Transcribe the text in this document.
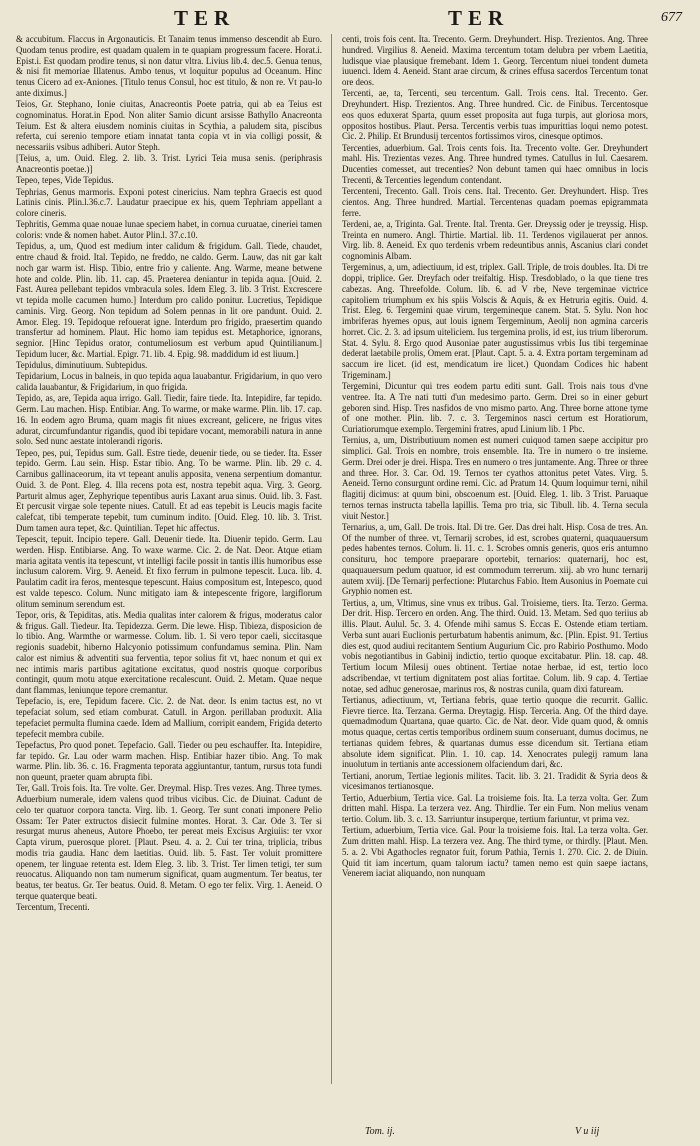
TER	TER	677

& accubitum. Flaccus in Argonauticis. Et Tanaim tenus immenso descendit ab Euro. Quodam tenus prodire, est quadam qualem in te quapiam progressum facere. Horat.i. Epist.i. Est quodam prodire tenus, si non datur vltra. Livius lib.4. dec.5. Genua tenus, & nisi fit memoriae Illatenus. Ambo tenus, vt loquitur populus ad Oceanum. Hinc tenus Cicero ad ex-Aniones. [Titulo tenus Consul, hoc est titulo, & non re. Vt pau-lo ante diximus.]

Teios, Gr. Stephano, Ionie ciuitas, Anacreontis Poete patria, qui ab ea Teius est cognominatus. Horat.in Epod. Non aliter Samio dicunt arsisse Bathyllo Anacreonta Teium. Est & altera eiusdem nominis ciuitas in Scythia, a paludem sita, piscibus referta, cui serenio tempore etiam innatat tanta copia vt in via colligi possit, & necessariis vsibus adhiberi. Autor Steph.

[Teius, a, um. Ouid. Eleg. 2. lib. 3. Trist. Lyrici Teia musa senis. (periphrasis Anacreontis poetae.)]

Tepeo, tepes, Vide Tepidus.

Tephrias, Genus marmoris. Exponi potest cinericius. Nam tephra Graecis est quod Latinis cinis. Plin.l.36.c.7. Laudatur praecipue ex his, quem Tephriam appellant a colore cineris.

Tephritis, Gemma quae nouae lunae speciem habet, in cornua curuatae, cineriei tamen coloris: vnde & nomen habet. Autor Plin.l. 37.c.10.

Tepidus, a, um, Quod est medium inter calidum & frigidum. Gall. Tiede, chaudet, entre chaud & froid. Ital. Tepido, ne freddo, ne caldo. Germ. Lauw, das nit gar kalt noch gar warm ist. Hisp. Tibio, entre frio y caliente. Ang. Warme, meane betwene hote and colde. Plin. lib. 11. cap. 45. Praeterea deniantur in tepida aqua. [Ouid. 2. Fast. Aurea pellebant tepidos vmbracula soles. Idem Eleg. 3. lib. 3 Trist. Excrescere vt tepida molle cacumen humo.] Interdum pro calido ponitur. Lucretius, Tepidique caminis. Virg. Georg. Non tepidum ad Solem pennas in lit ore pandunt. Ouid. 2. Amor. Eleg. 19. Tepidoque refouerat igne. Interdum pro frigido, praesertim quando transfertur ad hominem. Plaut. Hic homo iam tepidus est. Metaphorice, ignorans, segnior. [Hinc Tepidus orator, contumeliosum est verbum apud Quintilianum.] Tepidum lucer, &c. Martial. Epigr. 71. lib. 4. Epig. 98. maddidum id est liuum.]

Tepidulus, diminutiuum. Subtepidus.

Tepidarium, Locus in balneis, in quo tepida aqua lauabantur. Frigidarium, in quo vero calida lauabantur, & Frigidarium, in quo frigida.

Tepido, as, are, Tepida aqua irrigo. Gall. Tiedir, faire tiede. Ita. Intepidire, far tepido. Germ. Lau machen. Hisp. Entibiar. Ang. To warme, or make warme. Plin. lib. 17. cap. 16. In eodem agro Bruma, quam magis fit niues excreant, gelicere, ne frigus vites adurat, circumfundantur rigandis, quod ibi tepidare vocant, memorabili natura in anne solo. Sed nunc aestate intolerandi rigoris.

Tepeo, pes, pui, Tepidus sum. Gall. Estre tiede, deuenir tiede, ou se tieder. Ita. Esser tepido. Germ. Lau sein. Hisp. Estar tibio. Ang. To be warme. Plin. lib. 29 c. 4. Carnibus gallinaceorum, ita vt tepeant anulis apposita, venena serpentium domantur. Ouid. 3. de Pont. Eleg. 4. Illa recens pota est, nostra tepebit aqua. Virg. 3. Georg. Parturit almus ager, Zephyrique tepentibus auris Laxant arua sinus. Ouid. lib. 3. Fast. Et percusit virgae sole tepente niues. Catull. Et ad eas tepebit is Leucis magis facite calefcat, tibi temperate tepebit, tum cuminum indito. [Ouid. Eleg. 10. lib. 3. Trist. Dum tamen aura tepet, &c. Quintilian. Tepet hic affectus.

Tepescit, tepuit. Incipio tepere. Gall. Deuenir tiede. Ita. Diuenir tepido. Germ. Lau werden. Hisp. Entibiarse. Ang. To waxe warme. Cic. 2. de Nat. Deor. Atque etiam maria agitata ventis ita tepescunt, vt intelligi facile possit in tantis illis humoribus esse inclusum calorem. Virg. 9. Aeneid. Et fixo ferrum in pulmone tepescit. Luca. lib. 4. Paulatim cadit ira feros, mentesque tepescunt. Haius compositum est, Intepesco, quod est valde tepesco. Colum. Nunc mitigato iam & intepescente frigore, largiflorum olitum seminum serendum est.

Tepor, oris, & Tepiditas, atis. Media qualitas inter calorem & frigus, moderatus calor & frigus. Gall. Tiedeur. Ita. Tepidezza. Germ. Die lewe. Hisp. Tibieza, disposicion de lo tibio. Ang. Warmthe or warmesse. Colum. lib. 1. Si vero tepor caeli, siccitasque regionis suadebit, hiberno Halcyonio potissimum confundamus semina. Plin. Nam calor est nimius & adventiti sua ferventia, tepor solius fit vt, haec nonum et qui ex nec intimis maris partibus agitatione excitatus, quod nostris quoque corporibus contingit, quum motu atque exercitatione recalescunt. Ouid. 2. Metam. Quae neque dant flammas, leniunque tepore cremantur.

Tepefacio, is, ere, Tepidum facere. Cic. 2. de Nat. deor. Is enim tactus est, no vt tepefaciat solum, sed etiam comburat. Catull. in Argon. perillaban produxit. Alia tepefaciet permulta flumina caede. Idem ad Mallium, corripit eandem, Frigida deterto tepefecit membra cubile.

Tepefactus, Pro quod ponet. Tepefacio. Gall. Tieder ou peu eschauffer. Ita. Intepidire, far tepido. Gr. Lau oder warm machen. Hisp. Entibiar hazer tibio. Ang. To mak warme. Plin. lib. 36. c. 16. Fragmenta teporata aggiuntantur, tantum, rursus tota fundi non queunt, praeter quam abrupta fibi.

Ter, Gall. Trois fois. Ita. Tre volte. Ger. Dreymal. Hisp. Tres vezes. Ang. Three tymes. Aduerbium numerale, idem valens quod tribus vicibus. Cic. de Diuinat. Cadunt de celo ter quatuor corpora tancta. Virg. lib. 1. Georg. Ter sunt conati imponere Pelio Ossam: Ter Pater extructos disiecit fulmine montes. Horat. 3. Car. Ode 3. Ter si resurgat murus aheneus, Autore Phoebo, ter pereat meis Excisus Argiuiis: ter vxor Capta virum, puerosque ploret. [Plaut. Pseu. 4. a. 2. Cui ter trina, triplicia, tribus modis tria gaudia. Hanc dem laetitias. Ouid. lib. 5. Fast. Ter voluit promittere openem, ter linguae retenta est. Idem Eleg. 3. lib. 3. Trist. Ter limen tetigi, ter sum reuocatus. Aliquando non tam numerum significat, quam augmentum. Ter beatus, ter beatus, ter beatus. Gr. Ter beatus. Ouid. 8. Metam. O ego ter felix. Virg. 1. Aeneid. O terque quaterque beati.

Tercentum, Trecenti.

centi, trois fois cent. Ita. Trecento. Germ. Dreyhundert. Hisp. Trezientos. Ang. Three hundred. Virgilius 8. Aeneid. Maxima tercentum totam delubra per vrbem Laetitia, ludisque viae plausique fremebant. Idem 1. Georg. Tercentum niuei tondent dumeta iuuenci. Idem 4. Aeneid. Stant arae circum, & crines effusa sacerdos Tercentum tonat ore deos.

Tercenti, ae, ta, Tercenti, seu tercentum. Gall. Trois cens. Ital. Trecento. Ger. Dreyhundert. Hisp. Trezientos. Ang. Three hundred. Cic. de Finibus. Tercentosque eos quos eduxerat Sparta, quum esset proposita aut fuga turpis, aut gloriosa mors, oppositos hostibus. Plaut. Persa. Tercentis verbis tuas impurittias loqui nemo potest. Cic. 2. Philip. Et Brundusij tercentos fortissimos viros, cinesque optimos.

Tercenties, aduerbium. Gal. Trois cents fois. Ita. Trecento volte. Ger. Dreyhundert mahl. His. Trezientas vezes. Ang. Three hundred tymes. Catullus in Iul. Caesarem. Ducenties comesset, aut trecenties? Non debunt tamen qui haec omnibus in locis Trecenti, & Tercenties legendum contendant.

Tercenteni, Trecento. Gall. Trois cens. Ital. Trecento. Ger. Dreyhundert. Hisp. Tres cientos. Ang. Three hundred. Martial. Tercentenas quadam poemas epigrammata ferre.

Terdeni, ae, a, Triginta. Gal. Trente. Ital. Trenta. Ger. Dreyssig oder je treyssig. Hisp. Treinta en numero. Angl. Thirtie. Martial. lib. 11. Terdenos vigilauerat per annos. Virg. lib. 8. Aeneid. Ex quo terdenis vrbem redeuntibus annis, Ascanius clari condet cognominis Albam.

Tergeminus, a, um, adiectiuum, id est, triplex. Gall. Triple, de trois doubles. Ita. Di tre doppi, triplice. Ger. Dreyfach oder treifaltig. Hisp. Tresdoblado, o la que tiene tres cabezas. Ang. Threefolde. Colum. lib. 6. ad V rbe, Neve tergeminae victrice capitoliem triumphum ex his spiis Volscis & Aquis, & ex Hetruria egitis. Ouid. 4. Trist. Eleg. 6. Tergemini quae virum, tergemineque canem. Stat. 5. Sylu. Non hoc imbriferas hyemes opus, aut louis ignem Tergeminum, Aeolij non agmina carceris horret. Cic. 2. 3. ad ipsum uiteliciem. Ius tergemina prolis, id est, ius trium liberorum. Stat. 4. Sylu. 8. Ergo quod Ausoniae pater augustissimus vrbis Ius tibi tergeminae dederat laetabile prolis, Omem erat. [Plaut. Capt. 5. a. 4. Extra portam tergeminam ad saccum ire licet. (id est, mendicatum ire licet.) Quondam Codices hic habent Trigeminam.]

Tergemini, Dicuntur qui tres eodem partu editi sunt. Gall. Trois nais tous d'vne ventree. Ita. A Tre nati tutti d'un medesimo parto. Germ. Drei so in einer geburt geboren sind. Hisp. Tres nasfidos de vno mismo parto. Ang. Three borne attone tyme of one mother. Plin. lib. 7. c. 3. Tergeminos nasci certum est Horatiorum, Curiatiorumque exemplo. Tergemini fratres, apud Linium lib. 1 Pbc.

Ternius, a, um, Distributiuum nomen est numeri cuiquod tamen saepe accipitur pro simplici. Gal. Trois en nombre, trois ensemble. Ita. Tre in numero o tre insieme. Germ. Drei oder je drei. Hispa. Tres en numero o tres juntamente. Ang. Three or three and three. Hor. 3. Car. Od. 19. Ternos ter cyathos attonitus petet Vates. Virg. 5. Aeneid. Terno consurgunt ordine remi. Cic. ad Pratum 14. Quum loquimur terni, nihil flagitij dicimus: at quum bini, obscoenum est. [Ouid. Eleg. 1. lib. 3 Trist. Paruaque ternos ternas instructa tabella lapillis. Tema pro tria, sic Tibull. lib. 4. Terna secula viuit Nestor.]

Ternarius, a, um, Gall. De trois. Ital. Di tre. Ger. Das drei halt. Hisp. Cosa de tres. An. Of the number of three. vt, Ternarij scrobes, id est, scrobes quaterni, quaquauersum pedes habentes ternos. Colum. li. 11. c. 1. Scrobes omnis generis, quos eris antumno consituru, hoc tempore praeparare oportebit, ternarios: quaternarij, hoc est, quaquauersum pedum quatuor, id est commodum terrerum. xiij. ab vro hunc ternarij autem xviij. [De Ternarij perfectione: Plutarchus Fabio. Item Ausonius in Poemate cui Gryphio nomen est.

Tertius, a, um, Vltimus, sine vnus ex tribus. Gal. Troisieme, tiers. Ita. Terzo. Germa. Der drit. Hisp. Tercero en orden. Ang. The third. Ouid. 13. Metam. Sed quo teriius ab illis. Plaut. Aulul. 5c. 3. 4. Ofende mihi samus S. Eccas E. Ostende etiam tertiam. Verba sunt auari Euclionis perturbatum habentis animum, &c. [Plin. Epist. 91. Tertius dies est, quod audiui recitantem Sentium Augurium Cic. pro Rabirio Posthumo. Modo vobis negotiantibus in Gabinij indictio, tertio quoque excitabatur. Plin. 18. cap. 48. Tertium locum Milesij oues obtinent. Tertiae notae herbae, id est, tertio loco adscribendae, vt tertium dignitatem post alias fortitae. Colum. lib. 9 cap. 4. Tertiae notae, sed adhuc generosae, marinus ros, & nostras cunila, quam dixi fatuream.

Tertianus, adiectiuum, vt, Tertiana febris, quae tertio quoque die recurrit. Gallic. Fievre tierce. Ita. Terzana. Germa. Dreytagig. Hisp. Terceria. Ang. Of the third daye. quemadmodum Quartana, quae quarto. Cic. de Nat. deor. Vide quam quod, & omnis motus quaque, certas certis temporibus ordinem suum conseruant, dumus docimus, ne tertianas quidem febres, & quartanas dumus esse dicendum sit. Tertiana etiam absolute idem significat. Plin. 1. 10. cap. 14. Xenocrates pulegij ramum lana inuolutum in tertianis ante accessionem olfaciendum dari, &c.

Tertiani, anorum, Tertiae legionis milites. Tacit. lib. 3. 21. Tradidit & Syria deos & vicesimanos tertianosque.

Tertio, Aduerbium, Tertia vice. Gal. La troisieme fois. Ita. La terza volta. Ger. Zum dritten mahl. Hispa. La terzera vez. Ang. Thirdlie. Ter ein Fum. Non melius venam tertio. Colum. lib. 3. c. 13. Sarriuntur insuperque, tertium fariuntur, vt prima vez.

Tertium, aduerbium, Tertia vice. Gal. Pour la troisieme fois. Ital. La terza volta. Ger. Zum dritten mahl. Hisp. La terzera vez. Ang. The third tyme, or thirdly. [Plaut. Men. 5. a. 2. Vbi Agathocles regnator fuit, forum Pathia, Ternis 1. 270. Cic. 2. de Diuin. Quid tit iam incertum, quam talorum iactu? tamen nemo est quin saepe iactans, Venerem iaciat aliquando, non nunquam

Tom. ij.	V u iij
